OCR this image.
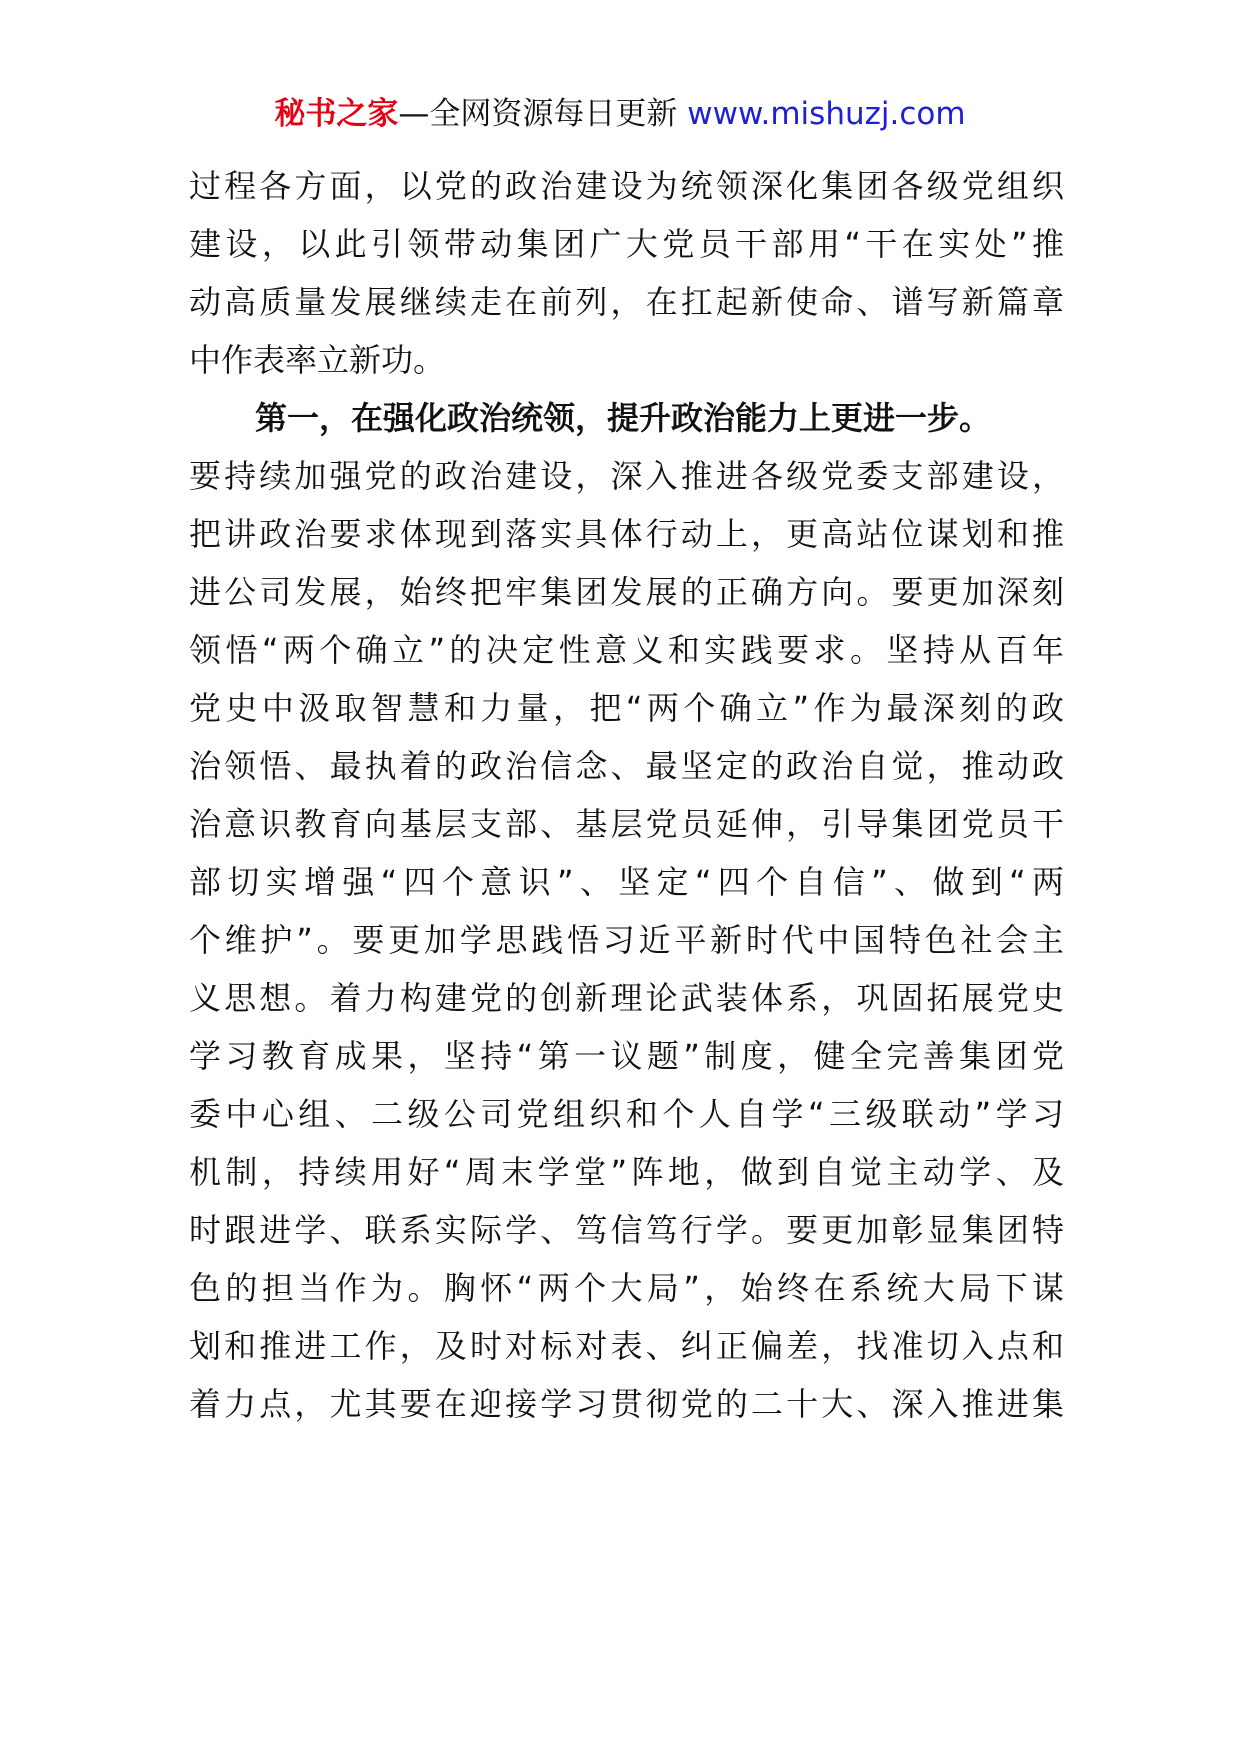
秘书之家—全网资源每日更新 www.mishuzj.com
过程各方面，以党的政治建设为统领深化集团各级党组织
建设，以此引领带动集团广大党员干部用“干在实处”推
动高质量发展继续走在前列，在扛起新使命、谱写新篇章
中作表率立新功。
第一，在强化政治统领，提升政治能力上更进一步。
要持续加强党的政治建设，深入推进各级党委支部建设，
把讲政治要求体现到落实具体行动上，更高站位谋划和推
进公司发展，始终把牢集团发展的正确方向。要更加深刻
领悟“两个确立”的决定性意义和实践要求。坚持从百年
党史中汲取智慧和力量，把“两个确立”作为最深刻的政
治领悟、最执着的政治信念、最坚定的政治自觉，推动政
治意识教育向基层支部、基层党员延伸，引导集团党员干
部切实增强“四个意识”、坚定“四个自信”、做到“两
个维护”。要更加学思践悟习近平新时代中国特色社会主
义思想。着力构建党的创新理论武装体系，巩固拓展党史
学习教育成果，坚持“第一议题”制度，健全完善集团党
委中心组、二级公司党组织和个人自学“三级联动”学习
机制，持续用好“周末学堂”阵地，做到自觉主动学、及
时跟进学、联系实际学、笃信笃行学。要更加彰显集团特
色的担当作为。胸怀“两个大局”，始终在系统大局下谋
划和推进工作，及时对标对表、纠正偏差，找准切入点和
着力点，尤其要在迎接学习贯彻党的二十大、深入推进集
